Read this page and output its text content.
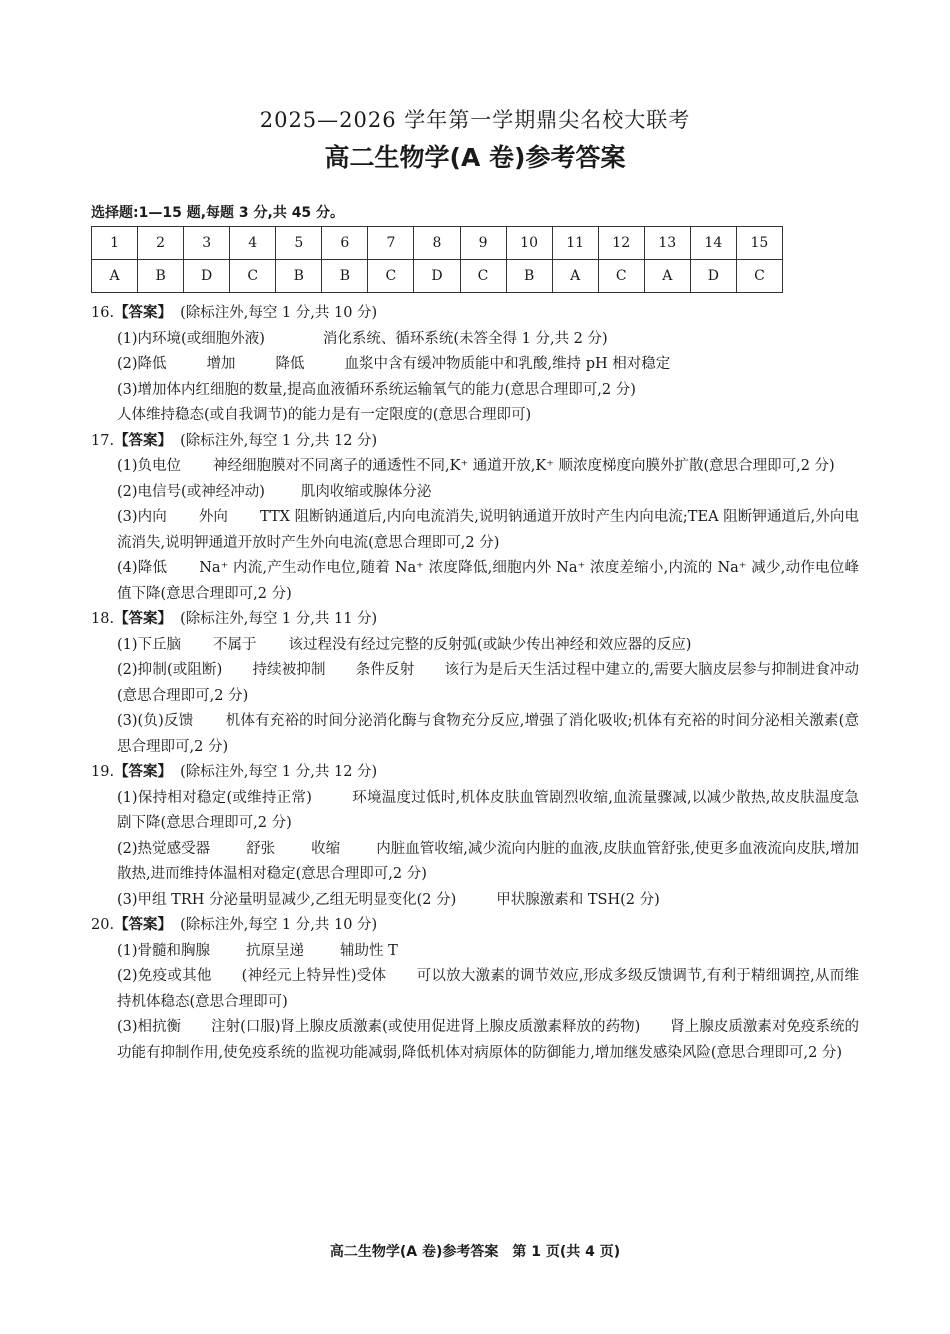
2025—2026 学年第一学期鼎尖名校大联考
高二生物学(A 卷)参考答案
选择题:1—15 题,每题 3 分,共 45 分。
1	2	3	4	5	6	7	8	9	10	11	12	13	14	15
A	B	D	C	B	B	C	D	C	B	A	C	A	D	C

16.【答案】 (除标注外,每空 1 分,共 10 分)

(1)内环境(或细胞外液)	消化系统、循环系统(未答全得 1 分,共 2 分)

(2)降低	增加	降低	血浆中含有缓冲物质能中和乳酸,维持 pH 相对稳定

(3)增加体内红细胞的数量,提高血液循环系统运输氧气的能力(意思合理即可,2 分)

人体维持稳态(或自我调节)的能力是有一定限度的(意思合理即可)

17.【答案】 (除标注外,每空 1 分,共 12 分)

(1)负电位 神经细胞膜对不同离子的通透性不同,K⁺ 通道开放,K⁺ 顺浓度梯度向膜外扩散(意思合理即可,2 分)

(2)电信号(或神经冲动) 肌肉收缩或腺体分泌

(3)内向 外向 TTX 阻断钠通道后,内向电流消失,说明钠通道开放时产生内向电流;TEA 阻断钾通道后,外向电流消失,说明钾通道开放时产生外向电流(意思合理即可,2 分)

(4)降低 Na⁺ 内流,产生动作电位,随着 Na⁺ 浓度降低,细胞内外 Na⁺ 浓度差缩小,内流的 Na⁺ 减少,动作电位峰值下降(意思合理即可,2 分)

18.【答案】 (除标注外,每空 1 分,共 11 分)

(1)下丘脑 不属于 该过程没有经过完整的反射弧(或缺少传出神经和效应器的反应)

(2)抑制(或阻断) 持续被抑制 条件反射 该行为是后天生活过程中建立的,需要大脑皮层参与抑制进食冲动(意思合理即可,2 分)

(3)(负)反馈 机体有充裕的时间分泌消化酶与食物充分反应,增强了消化吸收;机体有充裕的时间分泌相关激素(意思合理即可,2 分)

19.【答案】 (除标注外,每空 1 分,共 12 分)

(1)保持相对稳定(或维持正常)	环境温度过低时,机体皮肤血管剧烈收缩,血流量骤减,以减少散热,故皮肤温度急剧下降(意思合理即可,2 分)

(2)热觉感受器 舒张 收缩 内脏血管收缩,减少流向内脏的血液,皮肤血管舒张,使更多血液流向皮肤,增加散热,进而维持体温相对稳定(意思合理即可,2 分)

(3)甲组 TRH 分泌量明显减少,乙组无明显变化(2 分)	甲状腺激素和 TSH(2 分)

20.【答案】 (除标注外,每空 1 分,共 10 分)

(1)骨髓和胸腺 抗原呈递 辅助性 T

(2)免疫或其他 (神经元上特异性)受体 可以放大激素的调节效应,形成多级反馈调节,有利于精细调控,从而维持机体稳态(意思合理即可)

(3)相抗衡 注射(口服)肾上腺皮质激素(或使用促进肾上腺皮质激素释放的药物) 肾上腺皮质激素对免疫系统的功能有抑制作用,使免疫系统的监视功能减弱,降低机体对病原体的防御能力,增加继发感染风险(意思合理即可,2 分)

高二生物学(A 卷)参考答案　第 1 页(共 4 页)
